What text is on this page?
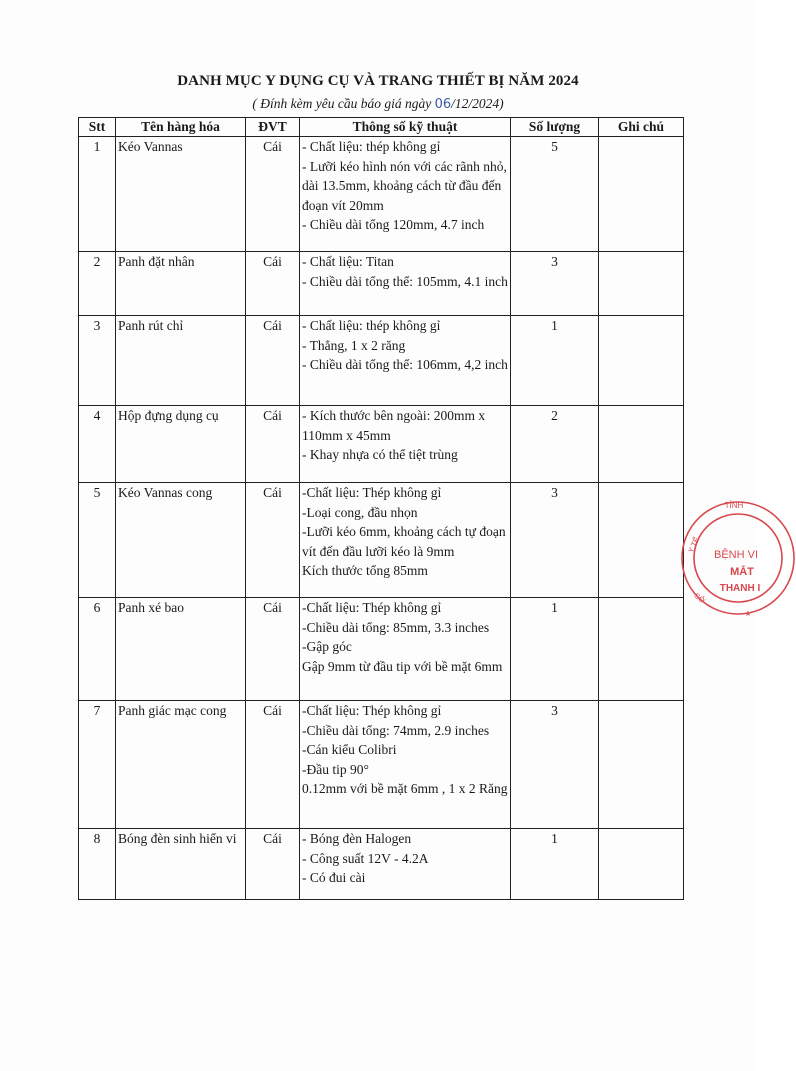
DANH MỤC Y DỤNG CỤ VÀ TRANG THIẾT BỊ NĂM 2024
( Đính kèm yêu cầu báo giá ngày 06/12/2024)
Stt	Tên hàng hóa	ĐVT	Thông số kỹ thuật	Số lượng	Ghi chú
1	Kéo Vannas	Cái	- Chất liệu: thép không gỉ
- Lưỡi kéo hình nón với các rãnh nhỏ, dài 13.5mm, khoảng cách từ đầu đến đoạn vít 20mm
- Chiều dài tổng 120mm, 4.7 inch	5	
2	Panh đặt nhân	Cái	- Chất liệu: Titan
- Chiều dài tổng thể: 105mm, 4.1 inch	3	
3	Panh rút chỉ	Cái	- Chất liệu: thép không gỉ
- Thẳng, 1 x 2 răng
- Chiều dài tổng thể: 106mm, 4,2 inch	1	
4	Hộp đựng dụng cụ	Cái	- Kích thước bên ngoài: 200mm x 110mm x 45mm
- Khay nhựa có thể tiệt trùng	2	
5	Kéo Vannas cong	Cái	-Chất liệu: Thép không gỉ
-Loại cong, đầu nhọn
-Lưỡi kéo 6mm, khoảng cách tự đoạn vít đến đầu lưỡi kéo là 9mm
Kích thước tổng 85mm	3	
6	Panh xé bao	Cái	-Chất liệu: Thép không gỉ
-Chiều dài tổng: 85mm, 3.3 inches
-Gập góc
Gập 9mm từ đầu tip với bề mặt 6mm	1	
7	Panh giác mạc cong	Cái	-Chất liệu: Thép không gỉ
-Chiều dài tổng: 74mm, 2.9 inches
-Cán kiểu Colibri
-Đầu tip 90°
0.12mm với bề mặt 6mm , 1 x 2 Răng	3	
8	Bóng đèn sinh hiển vi	Cái	- Bóng đèn Halogen
- Công suất 12V - 4.2A
- Có đui cài	1	
TỈNH
Y TẾ
BỆNH VI
MẮT
THANH I
SỞ
★
